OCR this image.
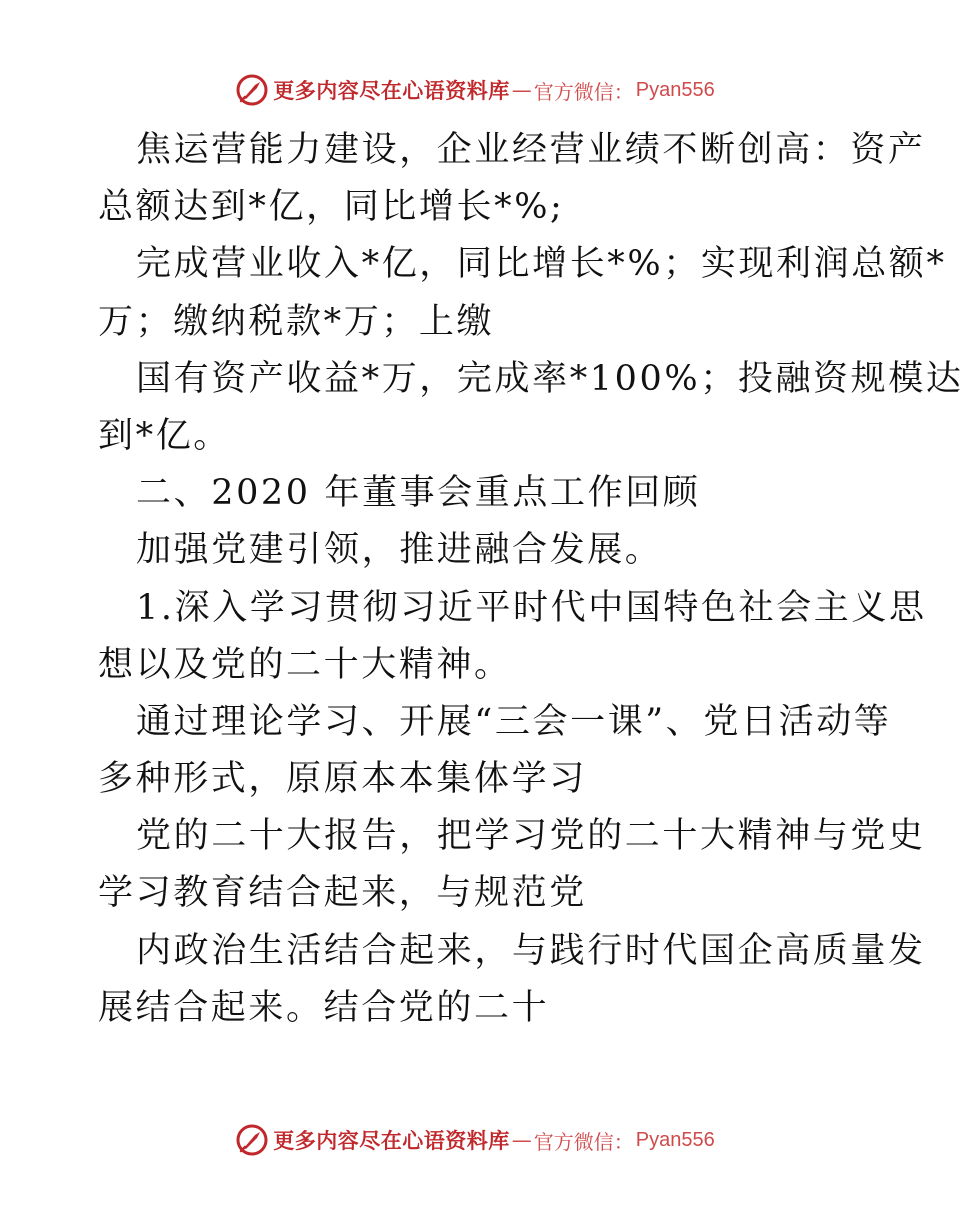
更多内容尽在心语资料库 — 官方微信： Pyan556
焦运营能力建设，企业经营业绩不断创高：资产
总额达到*亿，同比增长*%;
完成营业收入*亿，同比增长*%；实现利润总额*
万；缴纳税款*万；上缴
国有资产收益*万，完成率*100%；投融资规模达
到*亿。
二、2020 年董事会重点工作回顾
加强党建引领，推进融合发展。
1.深入学习贯彻习近平时代中国特色社会主义思
想以及党的二十大精神。
通过理论学习、开展“三会一课”、党日活动等
多种形式，原原本本集体学习
党的二十大报告，把学习党的二十大精神与党史
学习教育结合起来，与规范党
内政治生活结合起来，与践行时代国企高质量发
展结合起来。结合党的二十
更多内容尽在心语资料库 — 官方微信： Pyan556
